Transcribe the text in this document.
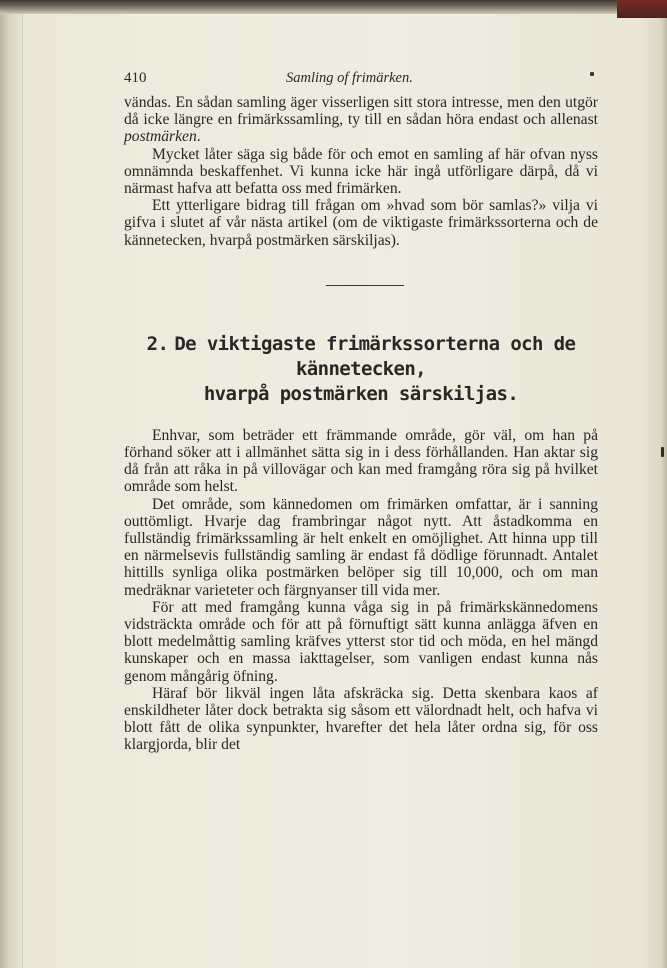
410	Samling of frimärken.

vändas. En sådan samling äger visserligen sitt stora intresse, men den utgör då icke längre en frimärkssamling, ty till en sådan höra endast och allenast postmärken.

Mycket låter säga sig både för och emot en samling af här ofvan nyss omnämnda beskaffenhet. Vi kunna icke här ingå utförligare därpå, då vi närmast hafva att befatta oss med frimärken.

Ett ytterligare bidrag till frågan om »hvad som bör samlas?» vilja vi gifva i slutet af vår nästa artikel (om de viktigaste frimärkssorterna och de kännetecken, hvarpå postmärken särskiljas).

2. De viktigaste frimärkssorterna och de kännetecken,
hvarpå postmärken särskiljas.

Enhvar, som beträder ett främmande område, gör väl, om han på förhand söker att i allmänhet sätta sig in i dess förhållanden. Han aktar sig då från att råka in på villovägar och kan med framgång röra sig på hvilket område som helst.

Det område, som kännedomen om frimärken omfattar, är i sanning outtömligt. Hvarje dag frambringar något nytt. Att åstadkomma en fullständig frimärkssamling är helt enkelt en omöjlighet. Att hinna upp till en närmelsevis fullständig samling är endast få dödlige förunnadt. Antalet hittills synliga olika postmärken belöper sig till 10,000, och om man medräknar varieteter och färgnyanser till vida mer.

För att med framgång kunna våga sig in på frimärkskännedomens vidsträckta område och för att på förnuftigt sätt kunna anlägga äfven en blott medelmåttig samling kräfves ytterst stor tid och möda, en hel mängd kunskaper och en massa iakttagelser, som vanligen endast kunna nås genom mångårig öfning.

Häraf bör likväl ingen låta afskräcka sig. Detta skenbara kaos af enskildheter låter dock betrakta sig såsom ett välordnadt helt, och hafva vi blott fått de olika synpunkter, hvarefter det hela låter ordna sig, för oss klargjorda, blir det
